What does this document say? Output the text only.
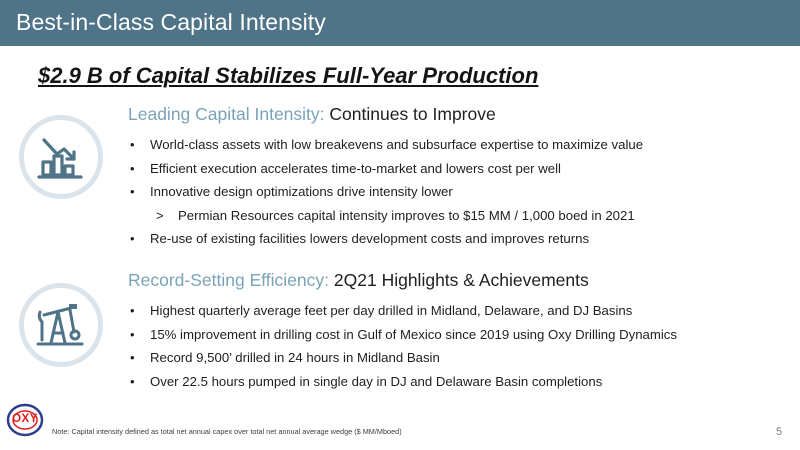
Best-in-Class Capital Intensity
$2.9 B of Capital Stabilizes Full-Year Production
Leading Capital Intensity: Continues to Improve
• World-class assets with low breakevens and subsurface expertise to maximize value
• Efficient execution accelerates time-to-market and lowers cost per well
• Innovative design optimizations drive intensity lower
> Permian Resources capital intensity improves to $15 MM / 1,000 boed in 2021
• Re-use of existing facilities lowers development costs and improves returns
Record-Setting Efficiency: 2Q21 Highlights & Achievements
• Highest quarterly average feet per day drilled in Midland, Delaware, and DJ Basins
• 15% improvement in drilling cost in Gulf of Mexico since 2019 using Oxy Drilling Dynamics
• Record 9,500’ drilled in 24 hours in Midland Basin
• Over 22.5 hours pumped in single day in DJ and Delaware Basin completions
OXY
Note: Capital intensity defined as total net annual capex over total net annual average wedge ($ MM/Mboed)	5
